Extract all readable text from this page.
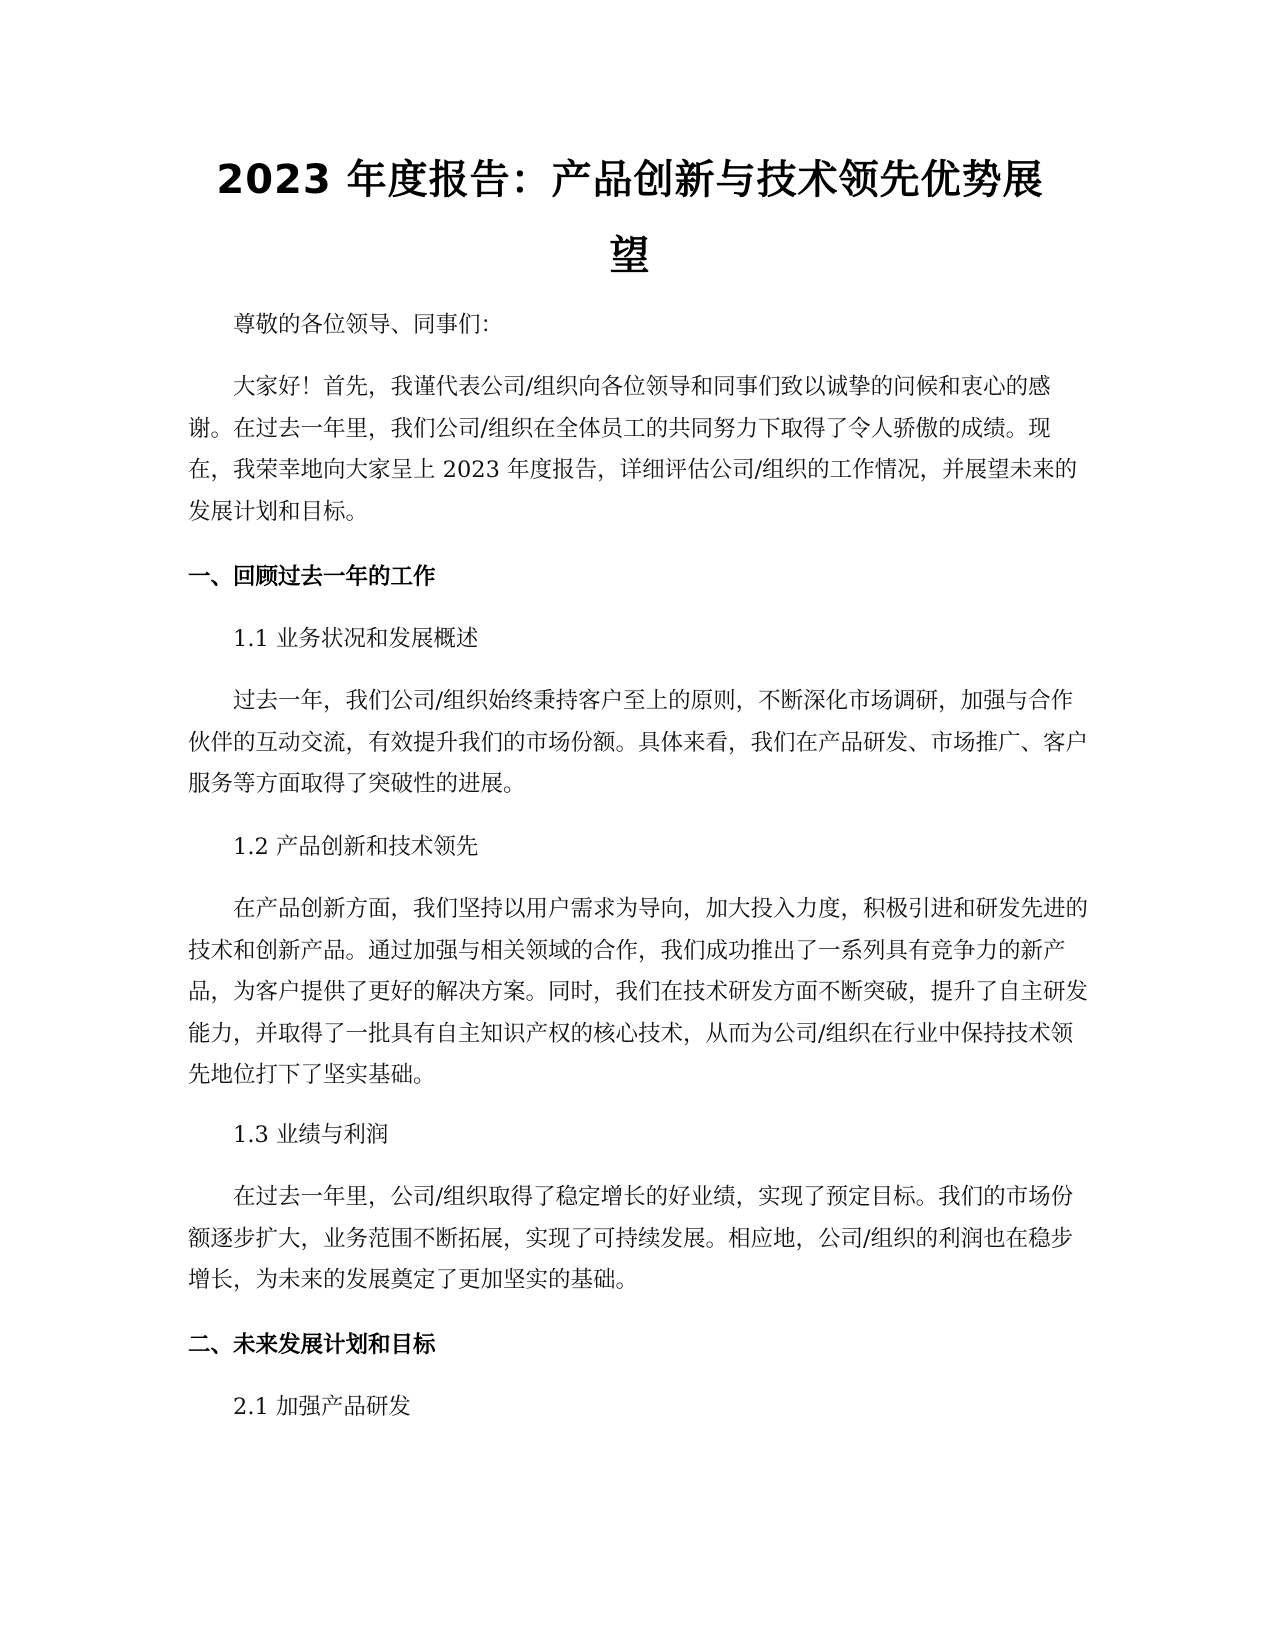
2023 年度报告：产品创新与技术领先优势展
望

尊敬的各位领导、同事们：

大家好！首先，我谨代表公司/组织向各位领导和同事们致以诚挚的问候和衷心的感谢。在过去一年里，我们公司/组织在全体员工的共同努力下取得了令人骄傲的成绩。现在，我荣幸地向大家呈上 2023 年度报告，详细评估公司/组织的工作情况，并展望未来的发展计划和目标。

一、回顾过去一年的工作

1.1 业务状况和发展概述

过去一年，我们公司/组织始终秉持客户至上的原则，不断深化市场调研，加强与合作伙伴的互动交流，有效提升我们的市场份额。具体来看，我们在产品研发、市场推广、客户服务等方面取得了突破性的进展。

1.2 产品创新和技术领先

在产品创新方面，我们坚持以用户需求为导向，加大投入力度，积极引进和研发先进的技术和创新产品。通过加强与相关领域的合作，我们成功推出了一系列具有竞争力的新产品，为客户提供了更好的解决方案。同时，我们在技术研发方面不断突破，提升了自主研发能力，并取得了一批具有自主知识产权的核心技术，从而为公司/组织在行业中保持技术领先地位打下了坚实基础。

1.3 业绩与利润

在过去一年里，公司/组织取得了稳定增长的好业绩，实现了预定目标。我们的市场份额逐步扩大，业务范围不断拓展，实现了可持续发展。相应地，公司/组织的利润也在稳步增长，为未来的发展奠定了更加坚实的基础。

二、未来发展计划和目标

2.1 加强产品研发
